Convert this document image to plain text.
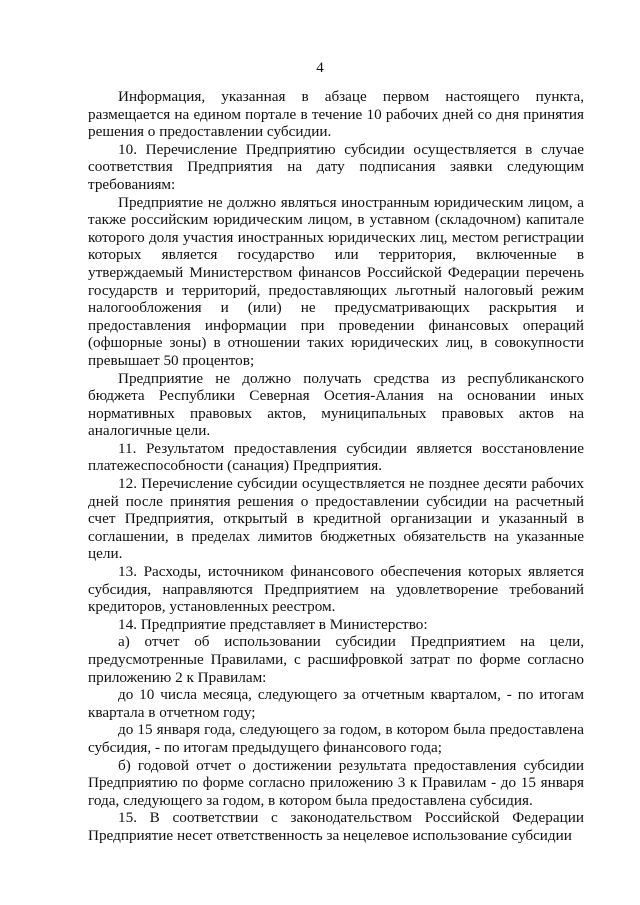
4

Информация, указанная в абзаце первом настоящего пункта, размещается на едином портале в течение 10 рабочих дней со дня принятия решения о предоставлении субсидии.

10. Перечисление Предприятию субсидии осуществляется в случае соответствия Предприятия на дату подписания заявки следующим требованиям:

Предприятие не должно являться иностранным юридическим лицом, а также российским юридическим лицом, в уставном (складочном) капитале которого доля участия иностранных юридических лиц, местом регистрации которых является государство или территория, включенные в утверждаемый Министерством финансов Российской Федерации перечень государств и территорий, предоставляющих льготный налоговый режим налогообложения и (или) не предусматривающих раскрытия и предоставления информации при проведении финансовых операций (офшорные зоны) в отношении таких юридических лиц, в совокупности превышает 50 процентов;

Предприятие не должно получать средства из республиканского бюджета Республики Северная Осетия-Алания на основании иных нормативных правовых актов, муниципальных правовых актов на аналогичные цели.

11. Результатом предоставления субсидии является восстановление платежеспособности (санация) Предприятия.

12. Перечисление субсидии осуществляется не позднее десяти рабочих дней после принятия решения о предоставлении субсидии на расчетный счет Предприятия, открытый в кредитной организации и указанный в соглашении, в пределах лимитов бюджетных обязательств на указанные цели.

13. Расходы, источником финансового обеспечения которых является субсидия, направляются Предприятием на удовлетворение требований кредиторов, установленных реестром.

14. Предприятие представляет в Министерство:

а) отчет об использовании субсидии Предприятием на цели, предусмотренные Правилами, с расшифровкой затрат по форме согласно приложению 2 к Правилам:

до 10 числа месяца, следующего за отчетным кварталом, - по итогам квартала в отчетном году;

до 15 января года, следующего за годом, в котором была предоставлена субсидия, - по итогам предыдущего финансового года;

б) годовой отчет о достижении результата предоставления субсидии Предприятию по форме согласно приложению 3 к Правилам - до 15 января года, следующего за годом, в котором была предоставлена субсидия.

15. В соответствии с законодательством Российской Федерации Предприятие несет ответственность за нецелевое использование субсидии
